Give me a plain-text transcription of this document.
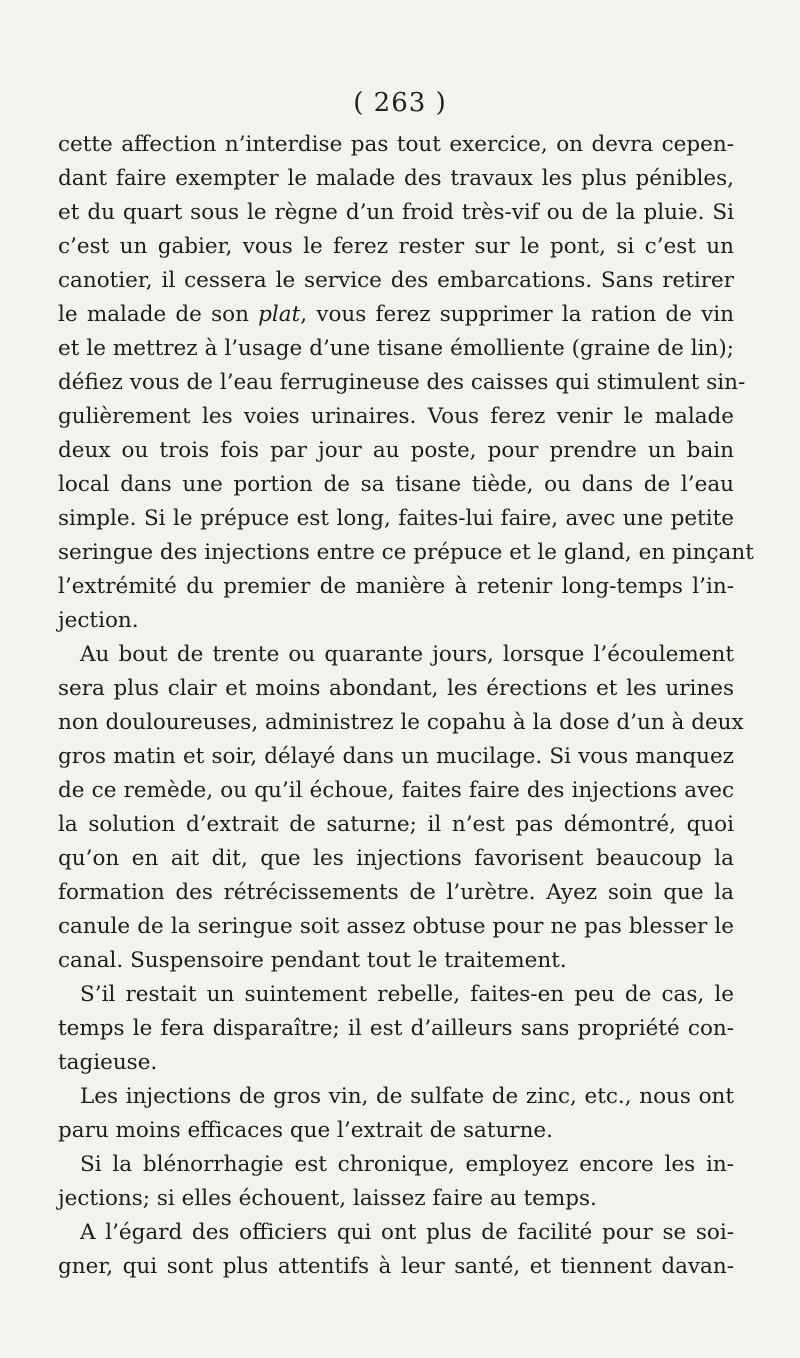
( 263 )
cette affection n’interdise pas tout exercice, on devra cepen-
dant faire exempter le malade des travaux les plus pénibles,
et du quart sous le règne d’un froid très-vif ou de la pluie. Si
c’est un gabier, vous le ferez rester sur le pont, si c’est un
canotier, il cessera le service des embarcations. Sans retirer
le malade de son plat, vous ferez supprimer la ration de vin
et le mettrez à l’usage d’une tisane émolliente (graine de lin);
défiez vous de l’eau ferrugineuse des caisses qui stimulent sin-
gulièrement les voies urinaires. Vous ferez venir le malade
deux ou trois fois par jour au poste, pour prendre un bain
local dans une portion de sa tisane tiède, ou dans de l’eau
simple. Si le prépuce est long, faites-lui faire, avec une petite
seringue des injections entre ce prépuce et le gland, en pinçant
l’extrémité du premier de manière à retenir long-temps l’in-
jection.
Au bout de trente ou quarante jours, lorsque l’écoulement
sera plus clair et moins abondant, les érections et les urines
non douloureuses, administrez le copahu à la dose d’un à deux
gros matin et soir, délayé dans un mucilage. Si vous manquez
de ce remède, ou qu’il échoue, faites faire des injections avec
la solution d’extrait de saturne; il n’est pas démontré, quoi
qu’on en ait dit, que les injections favorisent beaucoup la
formation des rétrécissements de l’urètre. Ayez soin que la
canule de la seringue soit assez obtuse pour ne pas blesser le
canal. Suspensoire pendant tout le traitement.
S’il restait un suintement rebelle, faites-en peu de cas, le
temps le fera disparaître; il est d’ailleurs sans propriété con-
tagieuse.
Les injections de gros vin, de sulfate de zinc, etc., nous ont
paru moins efficaces que l’extrait de saturne.
Si la blénorrhagie est chronique, employez encore les in-
jections; si elles échouent, laissez faire au temps.
A l’égard des officiers qui ont plus de facilité pour se soi-
gner, qui sont plus attentifs à leur santé, et tiennent davan-
